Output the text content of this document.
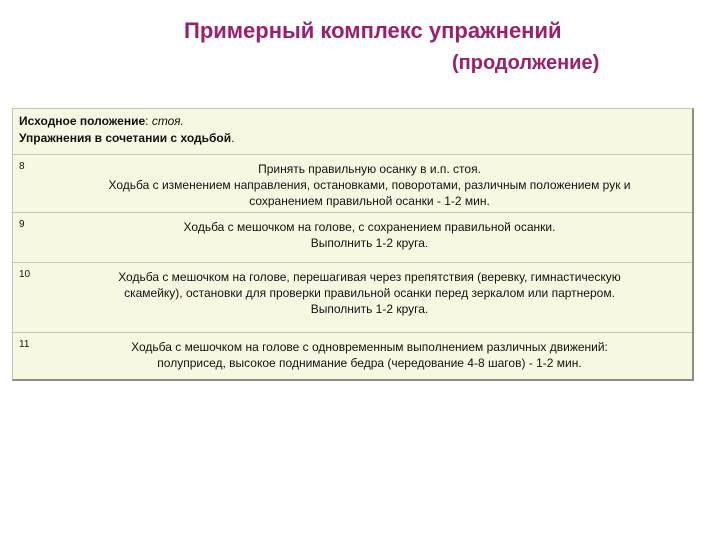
Примерный комплекс упражнений
(продолжение)
Исходное положение: стоя.
Упражнения в сочетании с ходьбой.
8	Принять правильную осанку в и.п. стоя.
Ходьба с изменением направления, остановками, поворотами, различным положением рук и
сохранением правильной осанки - 1-2 мин.
9	Ходьба с мешочком на голове, с сохранением правильной осанки.
Выполнить 1-2 круга.
10	Ходьба с мешочком на голове, перешагивая через препятствия (веревку, гимнастическую
скамейку), остановки для проверки правильной осанки перед зеркалом или партнером.
Выполнить 1-2 круга.
11	Ходьба с мешочком на голове с одновременным выполнением различных движений:
полуприсед, высокое поднимание бедра (чередование 4-8 шагов) - 1-2 мин.
